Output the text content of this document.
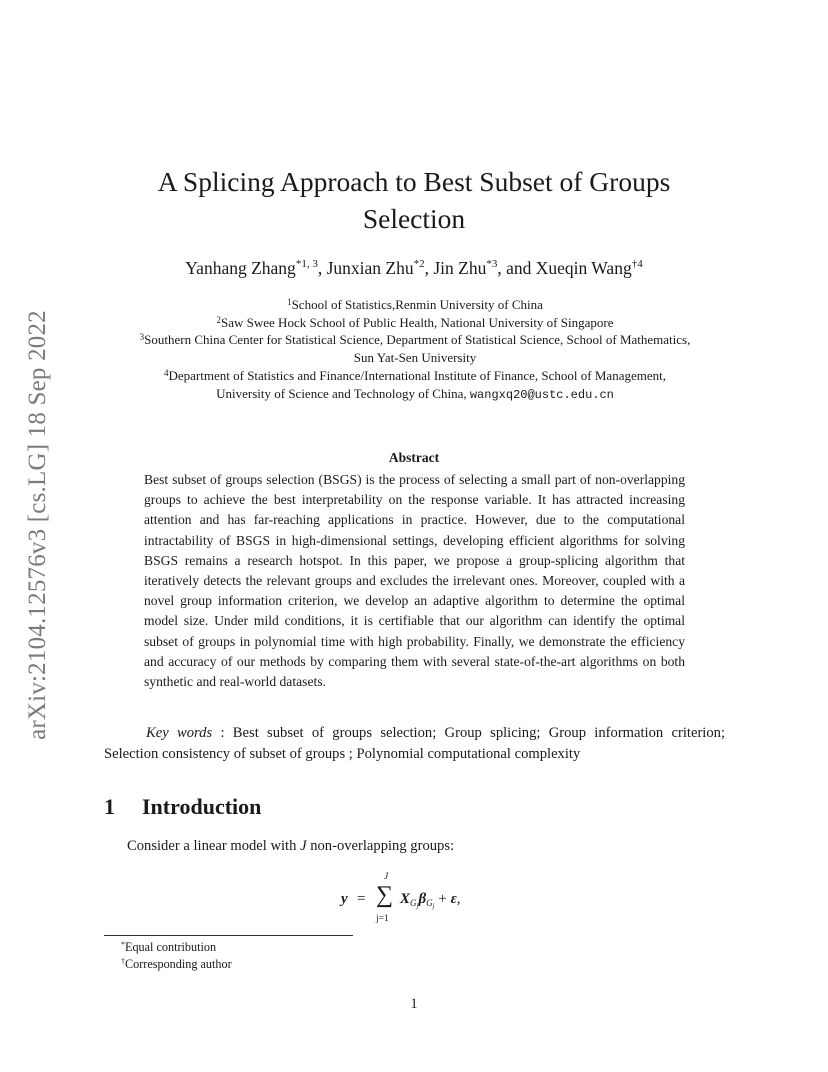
arXiv:2104.12576v3 [cs.LG] 18 Sep 2022
A Splicing Approach to Best Subset of Groups Selection
Yanhang Zhang$^{*1, 3}$, Junxian Zhu$^{*2}$, Jin Zhu$^{*3}$, and Xueqin Wang$^{\dagger 4}$
$^1$School of Statistics,Renmin University of China
$^2$Saw Swee Hock School of Public Health, National University of Singapore
$^3$Southern China Center for Statistical Science, Department of Statistical Science, School of Mathematics,
Sun Yat-Sen University
$^4$Department of Statistics and Finance/International Institute of Finance, School of Management,
University of Science and Technology of China, wangxq20@ustc.edu.cn
Abstract
Best subset of groups selection (BSGS) is the process of selecting a small part of non-overlapping groups to achieve the best interpretability on the response variable. It has attracted increasing attention and has far-reaching applications in practice. However, due to the computational intractability of BSGS in high-dimensional settings, developing efficient algorithms for solving BSGS remains a research hotspot. In this paper, we propose a group-splicing algorithm that iteratively detects the relevant groups and excludes the irrelevant ones. Moreover, coupled with a novel group information criterion, we develop an adaptive algorithm to determine the optimal model size. Under mild conditions, it is certifiable that our algorithm can identify the optimal subset of groups in polynomial time with high probability. Finally, we demonstrate the efficiency and accuracy of our methods by comparing them with several state-of-the-art algorithms on both synthetic and real-world datasets.
Key words : Best subset of groups selection; Group splicing; Group information criterion; Selection consistency of subset of groups ; Polynomial computational complexity
1 Introduction
Consider a linear model with J non-overlapping groups:
y =
J
∑
j=1
$X_{G_j}\beta_{G_j} + \varepsilon$,
*Equal contribution
†Corresponding author
1
